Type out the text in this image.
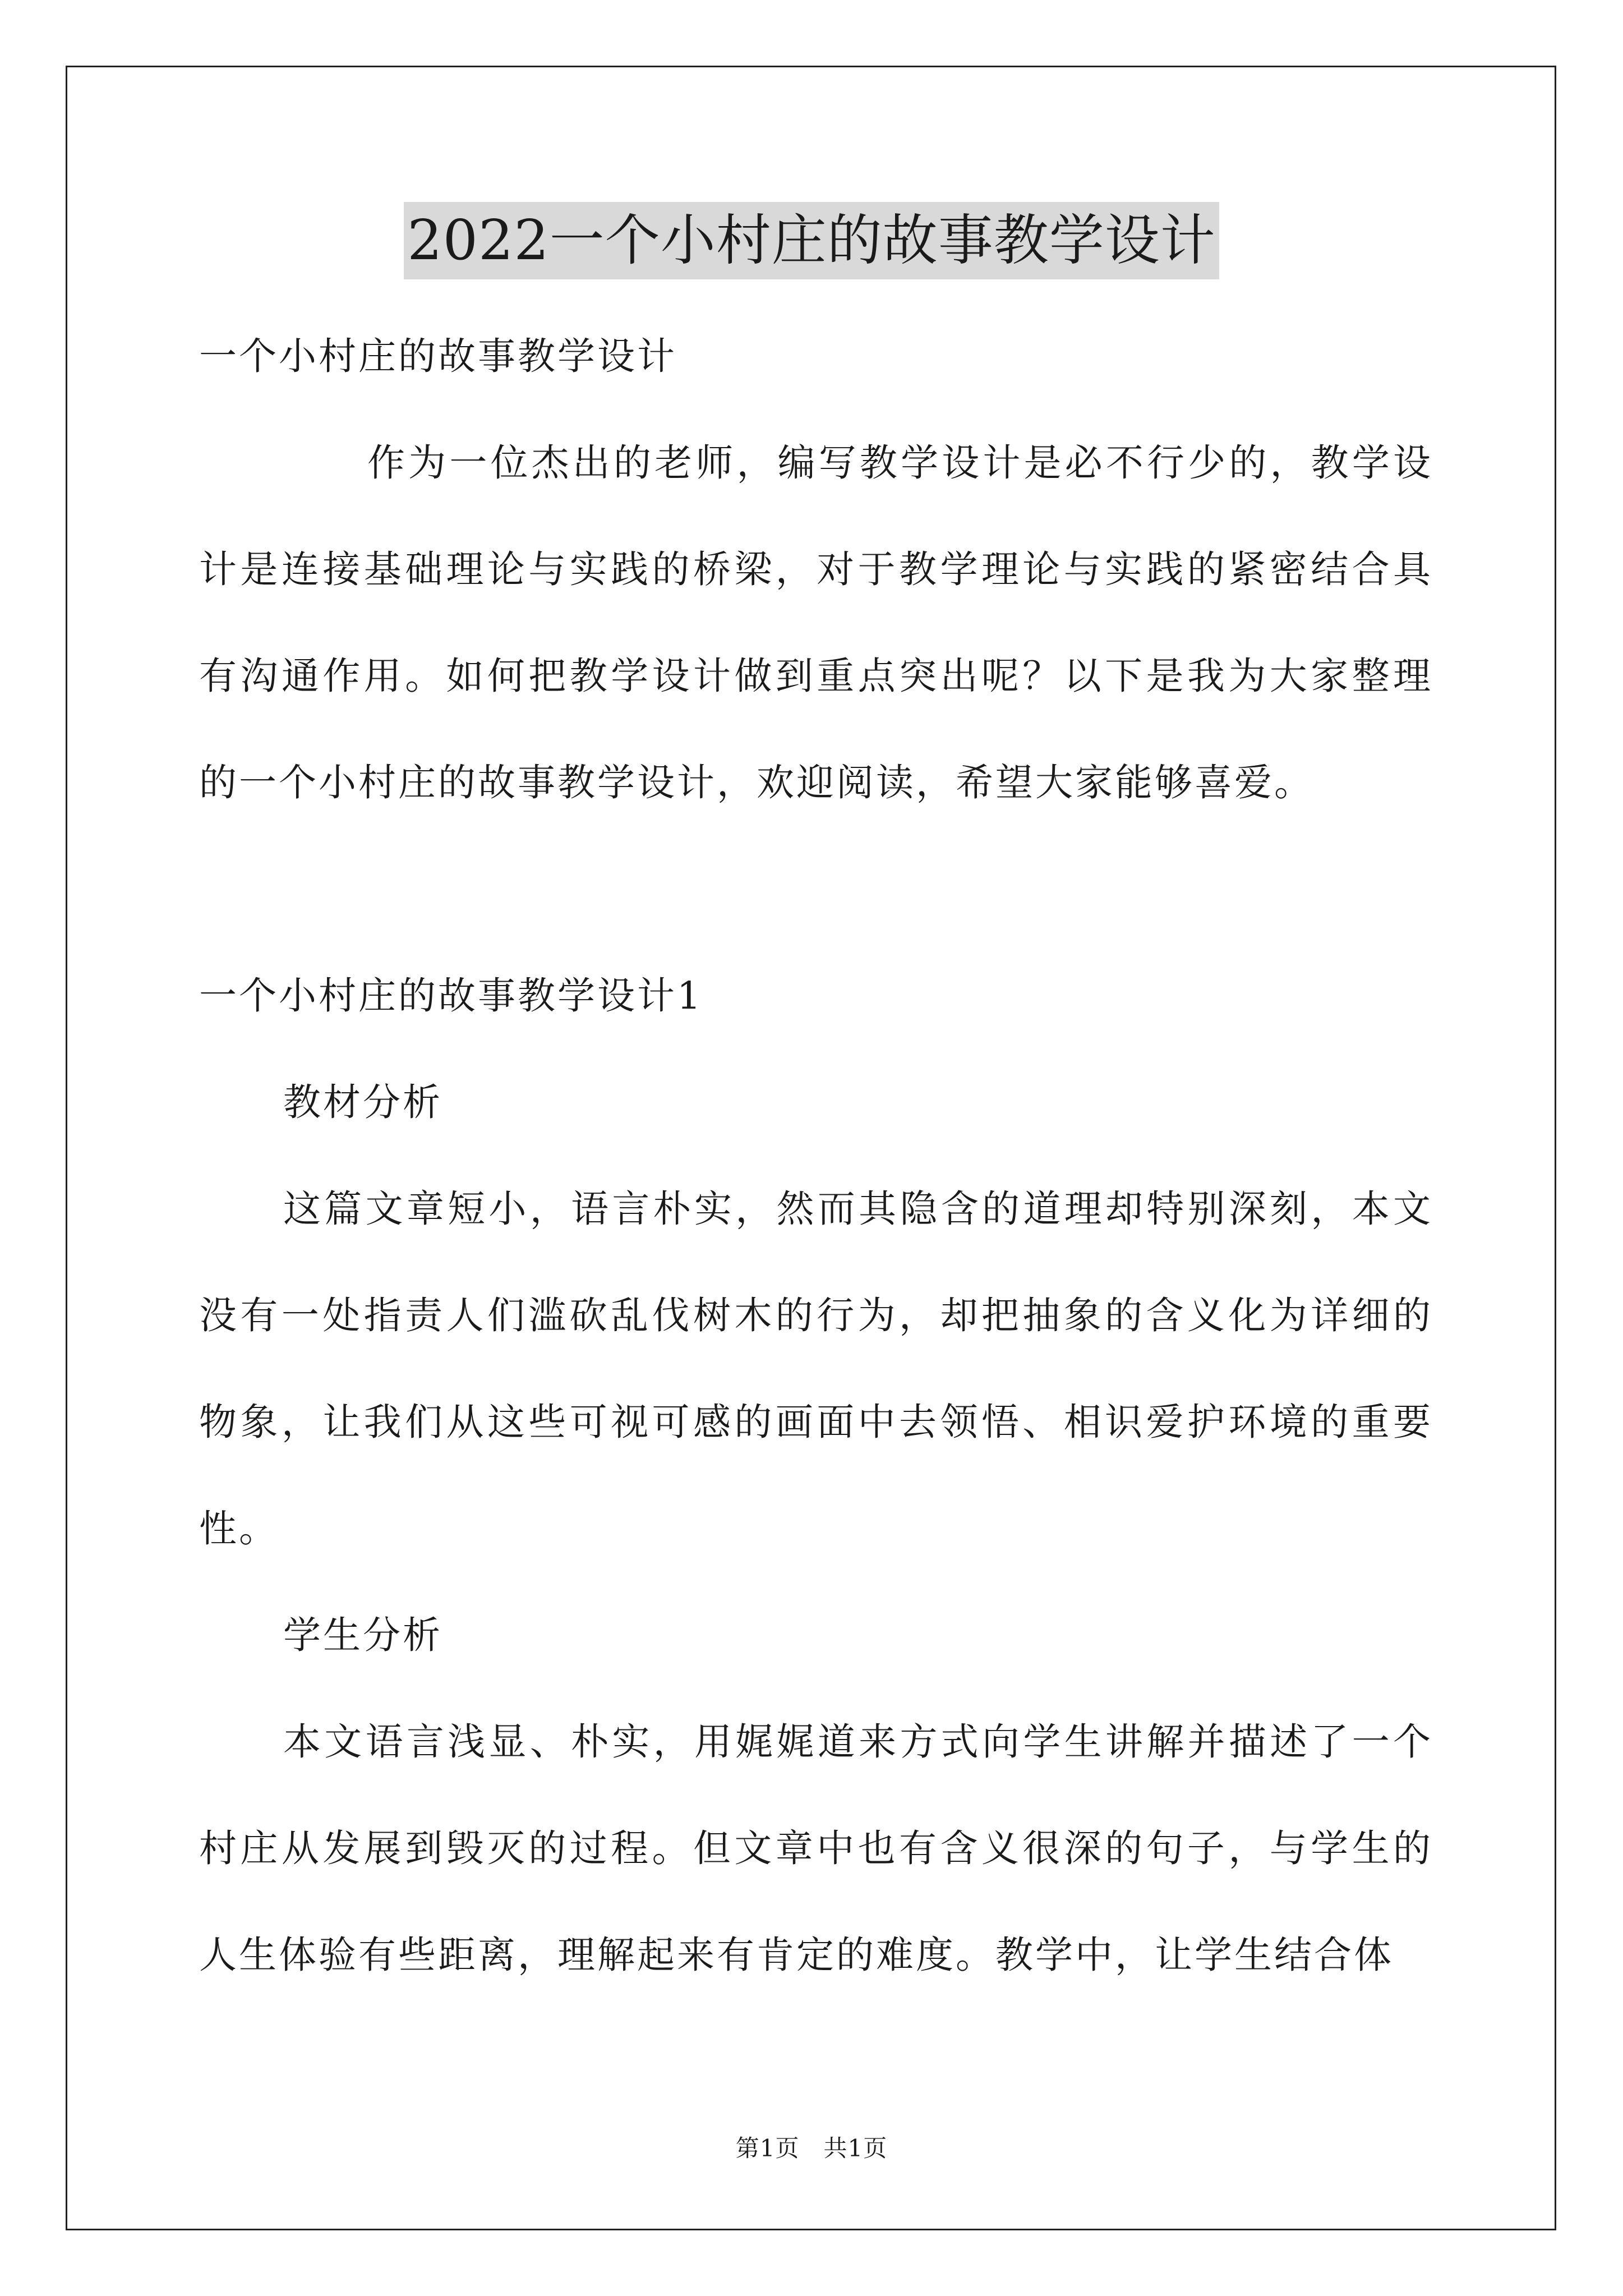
2022一个小村庄的故事教学设计

一个小村庄的故事教学设计

作为一位杰出的老师，编写教学设计是必不行少的，教学设计是连接基础理论与实践的桥梁，对于教学理论与实践的紧密结合具有沟通作用。如何把教学设计做到重点突出呢？以下是我为大家整理的一个小村庄的故事教学设计，欢迎阅读，希望大家能够喜爱。

一个小村庄的故事教学设计1

教材分析

这篇文章短小，语言朴实，然而其隐含的道理却特别深刻，本文没有一处指责人们滥砍乱伐树木的行为，却把抽象的含义化为详细的物象，让我们从这些可视可感的画面中去领悟、相识爱护环境的重要性。

学生分析

本文语言浅显、朴实，用娓娓道来方式向学生讲解并描述了一个村庄从发展到毁灭的过程。但文章中也有含义很深的句子，与学生的人生体验有些距离，理解起来有肯定的难度。教学中，让学生结合体

第1页　共1页
